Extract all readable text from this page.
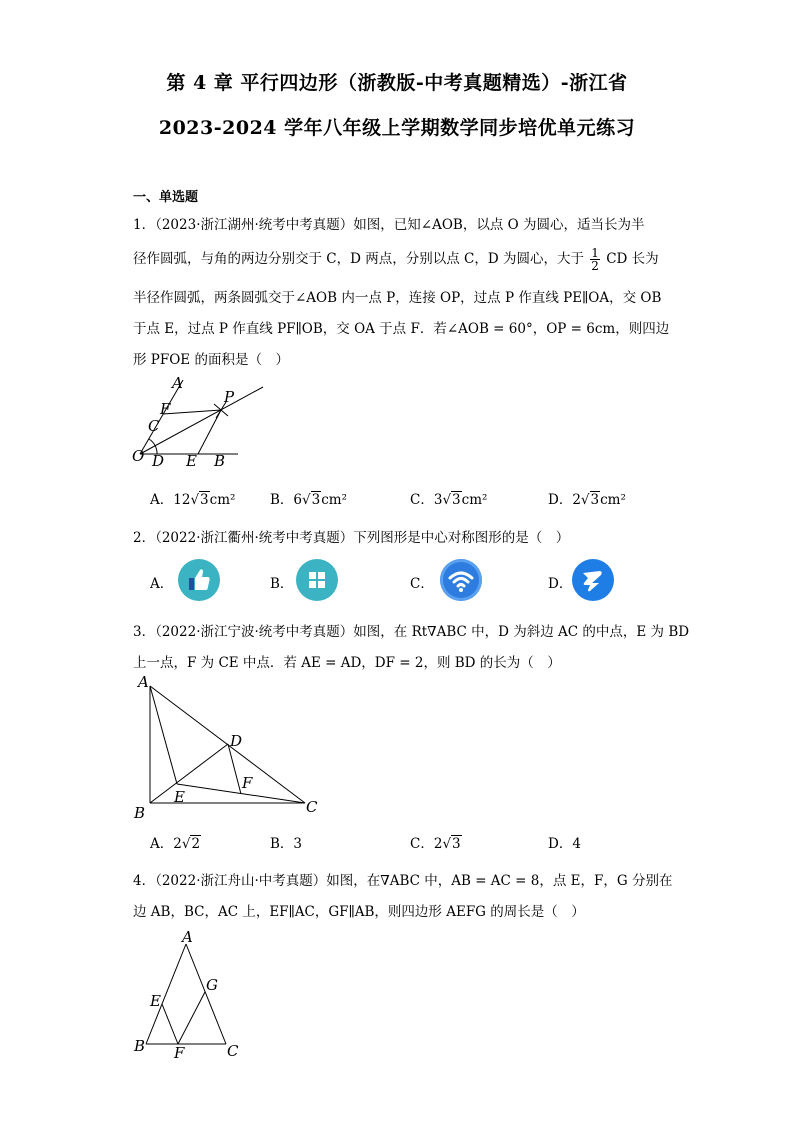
第 4 章 平行四边形（浙教版-中考真题精选）-浙江省
2023-2024 学年八年级上学期数学同步培优单元练习
一、单选题
1．（2023·浙江湖州·统考中考真题）如图，已知∠AOB，以点 O 为圆心，适当长为半
径作圆弧，与角的两边分别交于 C，D 两点，分别以点 C，D 为圆心，大于 $\frac{1}{2}$ CD 长为
半径作圆弧，两条圆弧交于∠AOB 内一点 P，连接 OP，过点 P 作直线 PE∥OA，交 OB
于点 E，过点 P 作直线 PF∥OB，交 OA 于点 F．若∠AOB = 60°，OP = 6cm，则四边
形 PFOE 的面积是（　）
A
F
C
O D E B
P
A．12√3cm²	B．6√3cm²	C．3√3cm²	D．2√3cm²
2．（2022·浙江衢州·统考中考真题）下列图形是中心对称图形的是（　）
A．	B．	C．	D．
3．（2022·浙江宁波·统考中考真题）如图，在 Rt∇ABC 中，D 为斜边 AC 的中点，E 为 BD
上一点，F 为 CE 中点．若 AE = AD，DF = 2，则 BD 的长为（　）
A
B	C
D
E
F
A．2√2	B．3	C．2√3	D．4
4．（2022·浙江舟山·中考真题）如图，在∇ABC 中，AB = AC = 8，点 E，F，G 分别在
边 AB，BC，AC 上，EF∥AC，GF∥AB，则四边形 AEFG 的周长是（　）
A
B	C
E
F
G
